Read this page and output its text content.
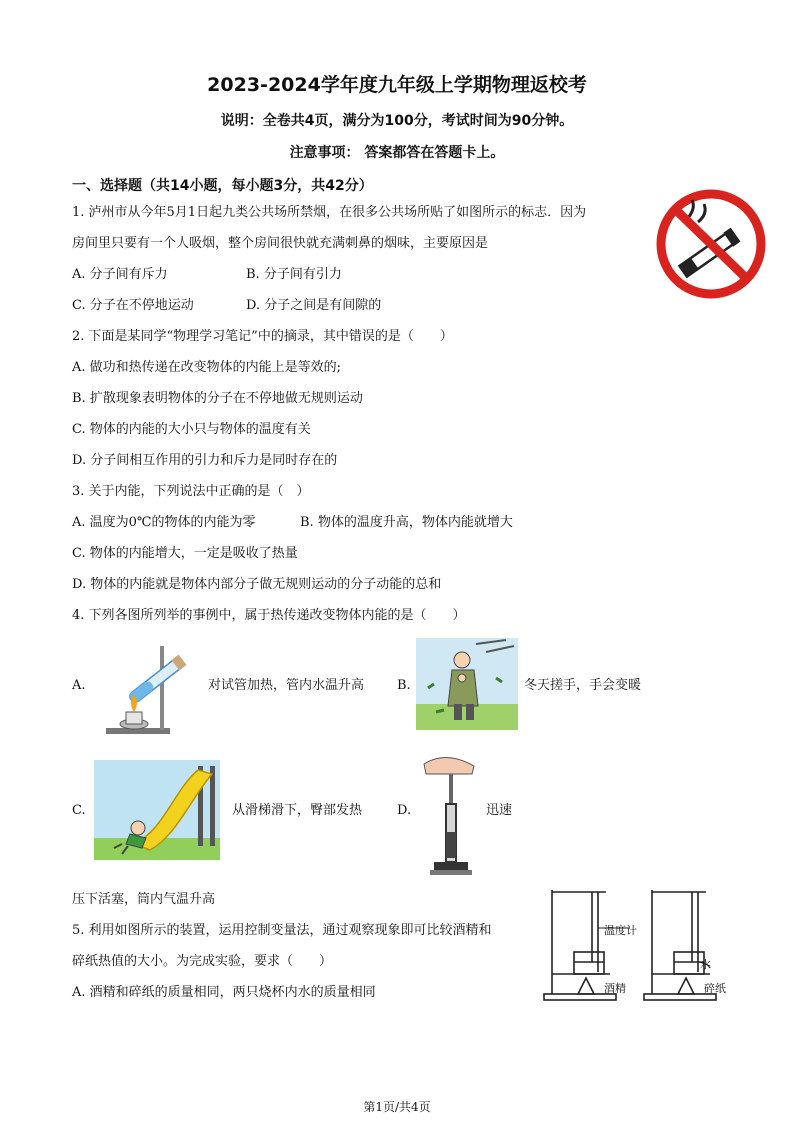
2023-2024学年度九年级上学期物理返校考
说明：全卷共4页，满分为100分，考试时间为90分钟。
注意事项： 答案都答在答题卡上。
一、选择题（共14小题，每小题3分，共42分）
1. 泸州市从今年5月1日起九类公共场所禁烟，在很多公共场所贴了如图所示的标志．因为
房间里只要有一个人吸烟，整个房间很快就充满刺鼻的烟味，主要原因是
A. 分子间有斥力	B. 分子间有引力
C. 分子在不停地运动	D. 分子之间是有间隙的
2. 下面是某同学“物理学习笔记”中的摘录，其中错误的是（　　）
A. 做功和热传递在改变物体的内能上是等效的;
B. 扩散现象表明物体的分子在不停地做无规则运动
C. 物体的内能的大小只与物体的温度有关
D. 分子间相互作用的引力和斥力是同时存在的
3. 关于内能，下列说法中正确的是（　）
A. 温度为0℃的物体的内能为零	B. 物体的温度升高，物体内能就增大
C. 物体的内能增大，一定是吸收了热量
D. 物体的内能就是物体内部分子做无规则运动的分子动能的总和
4. 下列各图所列举的事例中，属于热传递改变物体内能的是（　　）
A.	对试管加热，管内水温升高	B.	冬天搓手，手会变暖
C.	从滑梯滑下，臀部发热	D.	迅速
压下活塞，筒内气温升高
5. 利用如图所示的装置，运用控制变量法，通过观察现象即可比较酒精和
碎纸热值的大小。为完成实验，要求（　　）
A. 酒精和碎纸的质量相同，两只烧杯内水的质量相同
温度计
水
酒精	碎纸
第1页/共4页
